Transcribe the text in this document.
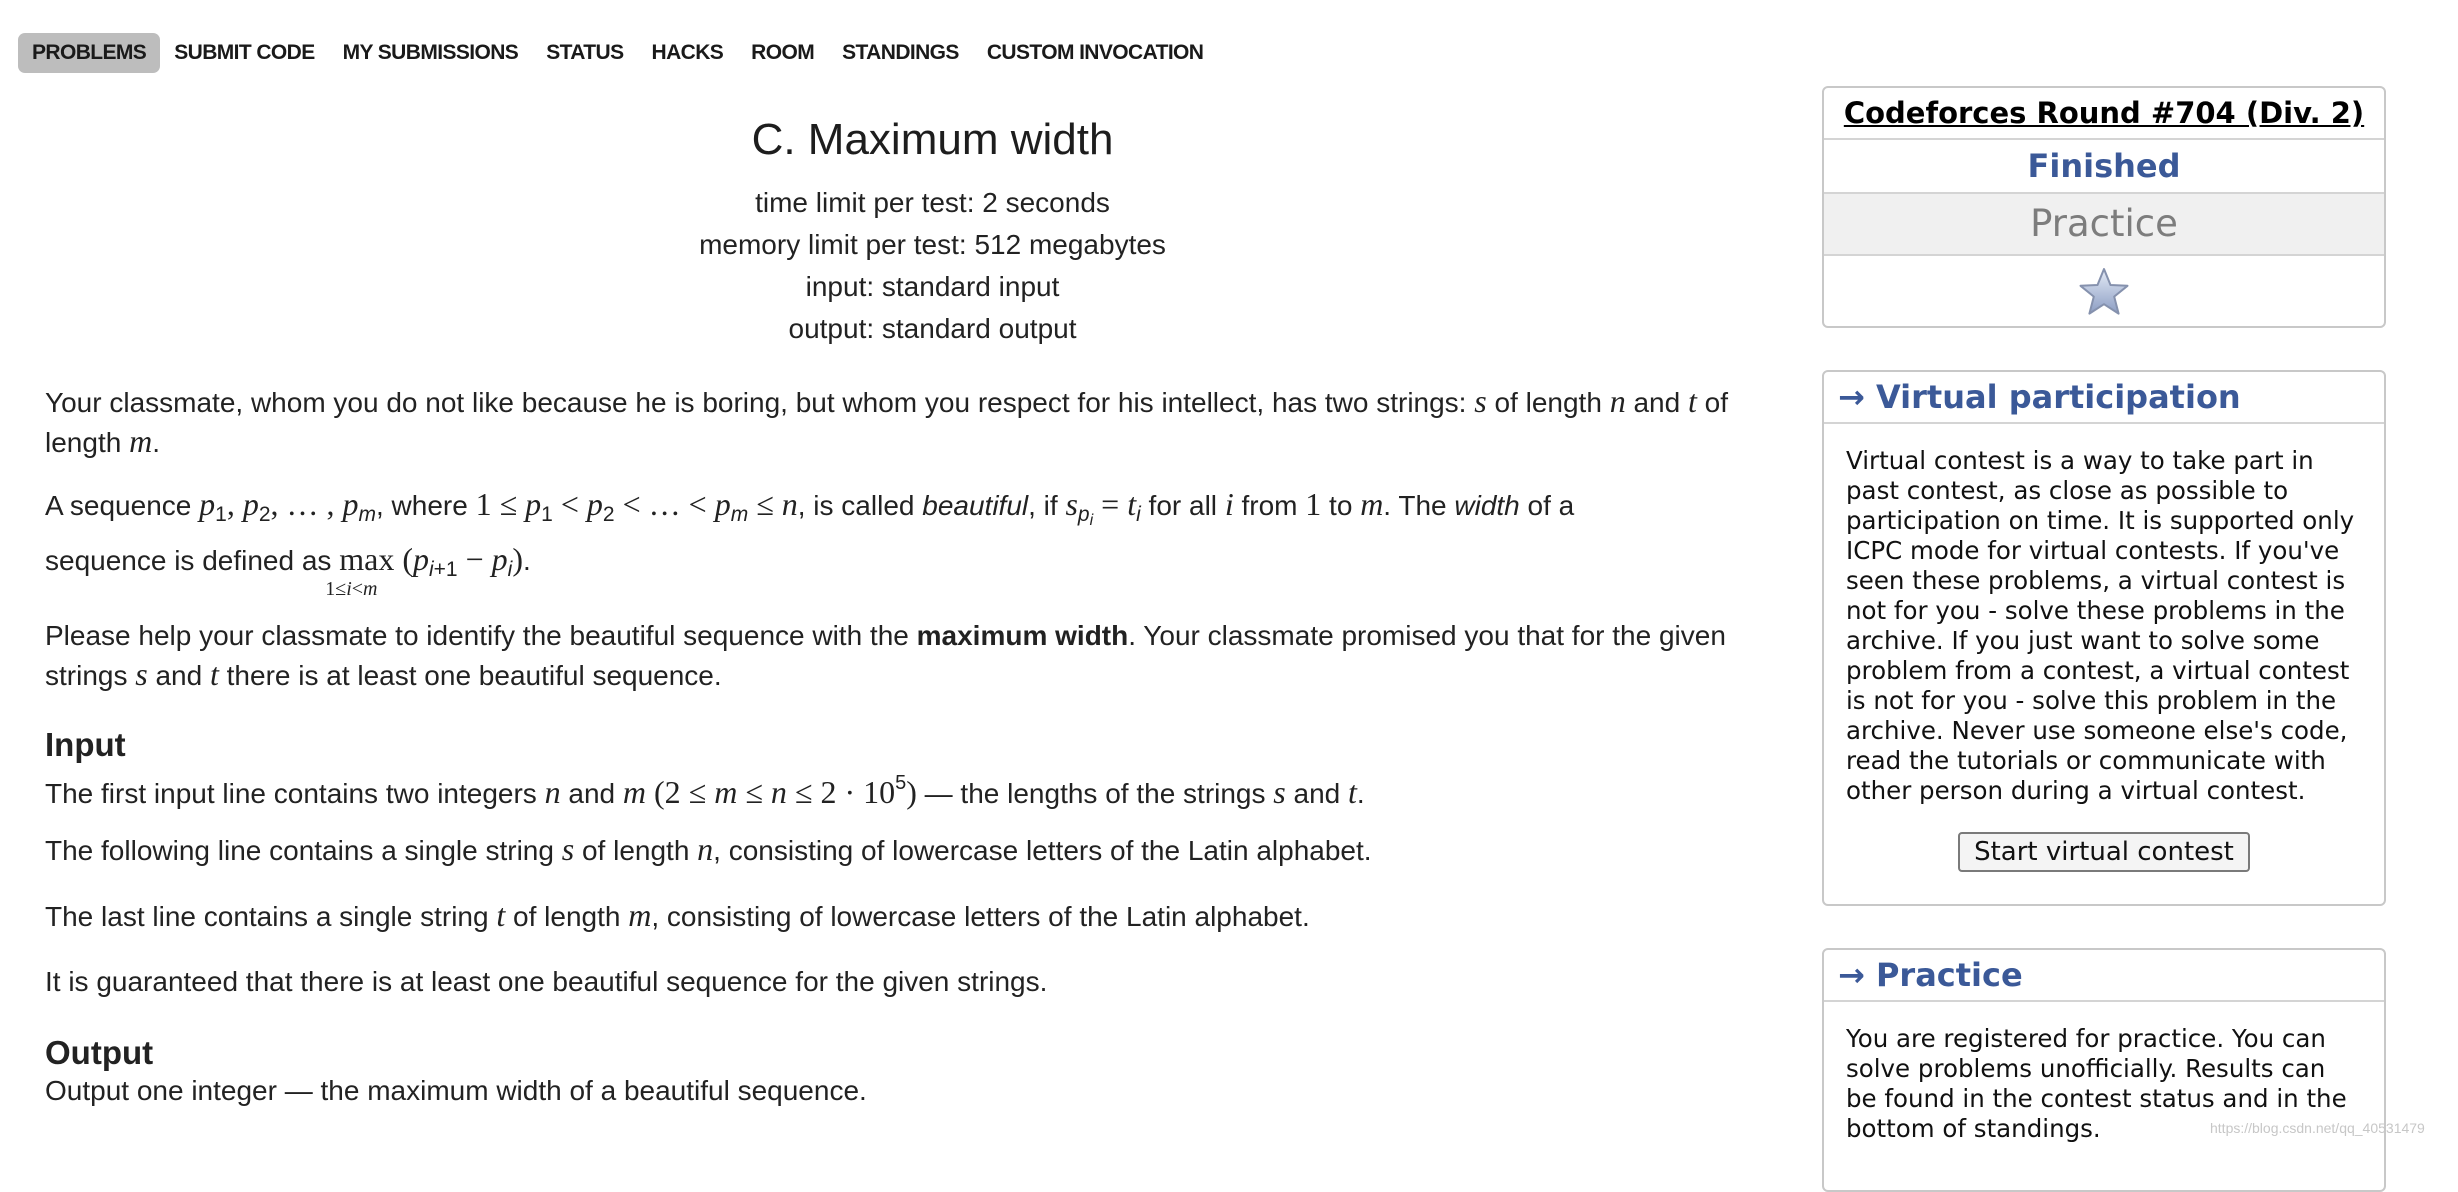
PROBLEMS	SUBMIT CODE	MY SUBMISSIONS	STATUS	HACKS	ROOM	STANDINGS	CUSTOM INVOCATION
C. Maximum width
time limit per test: 2 seconds
memory limit per test: 512 megabytes
input: standard input
output: standard output

Your classmate, whom you do not like because he is boring, but whom you respect for his intellect, has two strings: s of length n and t of
length m.

A sequence $p_1$, $p_2$, … , $p_m$, where $1 \le p_1 < p_2$ < … < $p_m \le n$, is called beautiful, if $s_{pi} = t_i$ for all i from 1 to m. The width of a
sequence is defined as max
1≤i<m
$(p_{i+1} - p_i)$.

Please help your classmate to identify the beautiful sequence with the maximum width. Your classmate promised you that for the given
strings s and t there is at least one beautiful sequence.

Input

The first input line contains two integers n and m $(2 \le m \le n \le 2 \cdot 10^5)$ — the lengths of the strings s and t.

The following line contains a single string s of length n, consisting of lowercase letters of the Latin alphabet.

The last line contains a single string t of length m, consisting of lowercase letters of the Latin alphabet.

It is guaranteed that there is at least one beautiful sequence for the given strings.

Output

Output one integer — the maximum width of a beautiful sequence.

Codeforces Round #704 (Div. 2)
Finished
Practice
→ Virtual participation
Virtual contest is a way to take part in past contest, as close as possible to participation on time. It is supported only ICPC mode for virtual contests. If you've seen these problems, a virtual contest is not for you - solve these problems in the archive. If you just want to solve some problem from a contest, a virtual contest is not for you - solve this problem in the archive. Never use someone else's code, read the tutorials or communicate with other person during a virtual contest.
Start virtual contest
→ Practice
You are registered for practice. You can solve problems unofficially. Results can be found in the contest status and in the bottom of standings.	https://blog.csdn.net/qq_40531479
